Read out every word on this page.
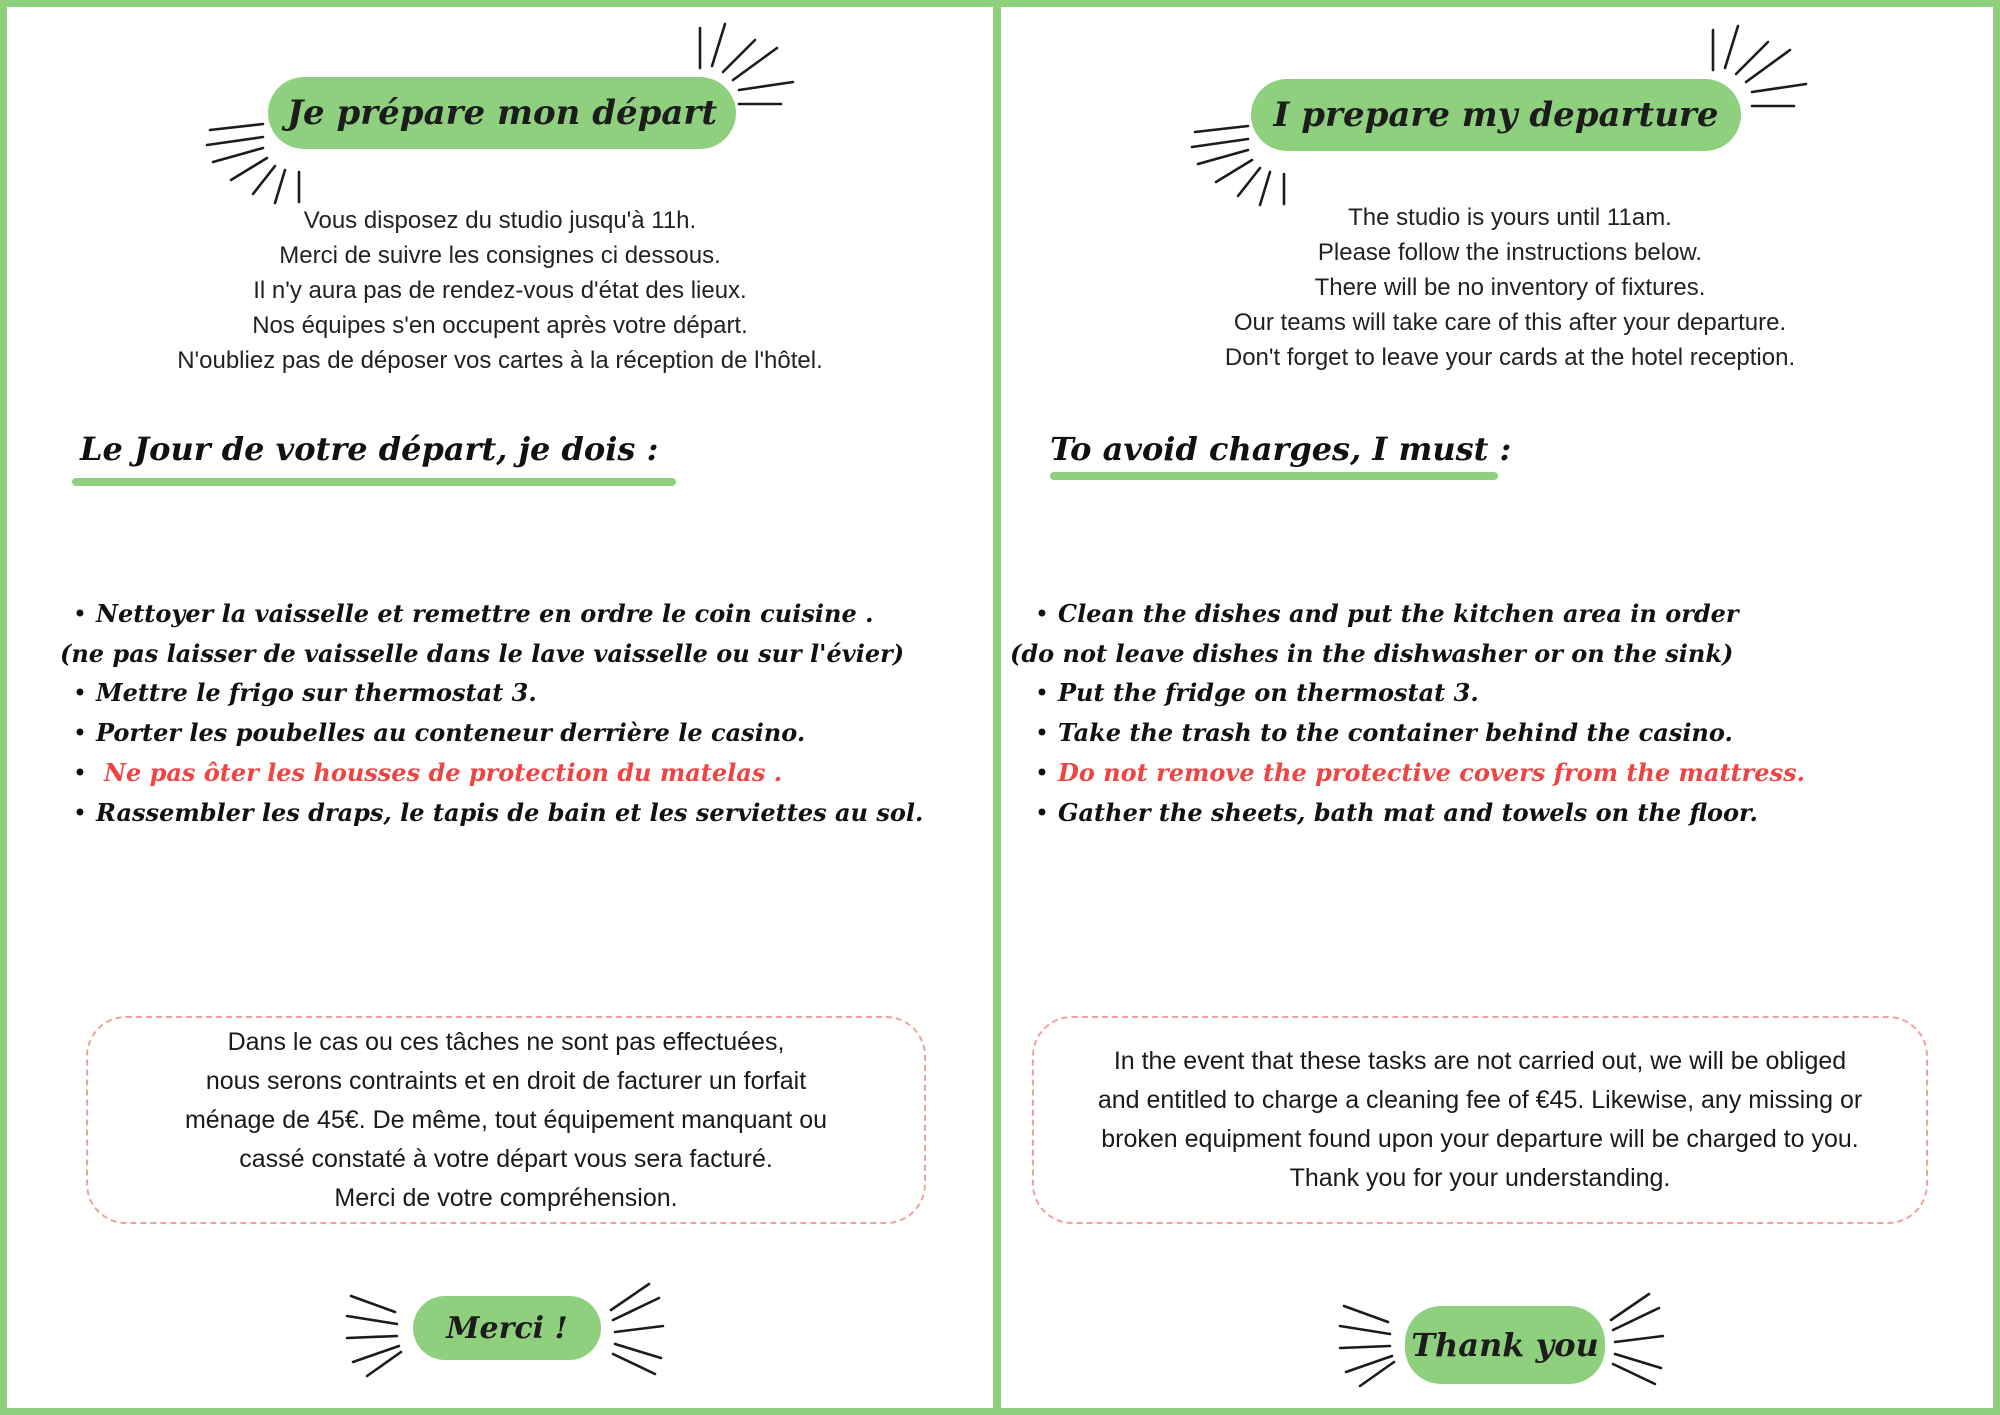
Je prépare mon départ
Vous disposez du studio jusqu'à 11h.
Merci de suivre les consignes ci dessous.
Il n'y aura pas de rendez-vous d'état des lieux.
Nos équipes s'en occupent après votre départ.
N'oubliez pas de déposer vos cartes à la réception de l'hôtel.
Le Jour de votre départ, je dois :
• Nettoyer la vaisselle et remettre en ordre le coin cuisine .
(ne pas laisser de vaisselle dans le lave vaisselle ou sur l'évier)
• Mettre le frigo sur thermostat 3.
• Porter les poubelles au conteneur derrière le casino.
• Ne pas ôter les housses de protection du matelas .
• Rassembler les draps, le tapis de bain et les serviettes au sol.
Dans le cas ou ces tâches ne sont pas effectuées,
nous serons contraints et en droit de facturer un forfait
ménage de 45€. De même, tout équipement manquant ou
cassé constaté à votre départ vous sera facturé.
Merci de votre compréhension.
Merci !
I prepare my departure
The studio is yours until 11am.
Please follow the instructions below.
There will be no inventory of fixtures.
Our teams will take care of this after your departure.
Don't forget to leave your cards at the hotel reception.
To avoid charges, I must :
• Clean the dishes and put the kitchen area in order
(do not leave dishes in the dishwasher or on the sink)
• Put the fridge on thermostat 3.
• Take the trash to the container behind the casino.
• Do not remove the protective covers from the mattress.
• Gather the sheets, bath mat and towels on the floor.
In the event that these tasks are not carried out, we will be obliged
and entitled to charge a cleaning fee of €45. Likewise, any missing or
broken equipment found upon your departure will be charged to you.
Thank you for your understanding.
Thank you
